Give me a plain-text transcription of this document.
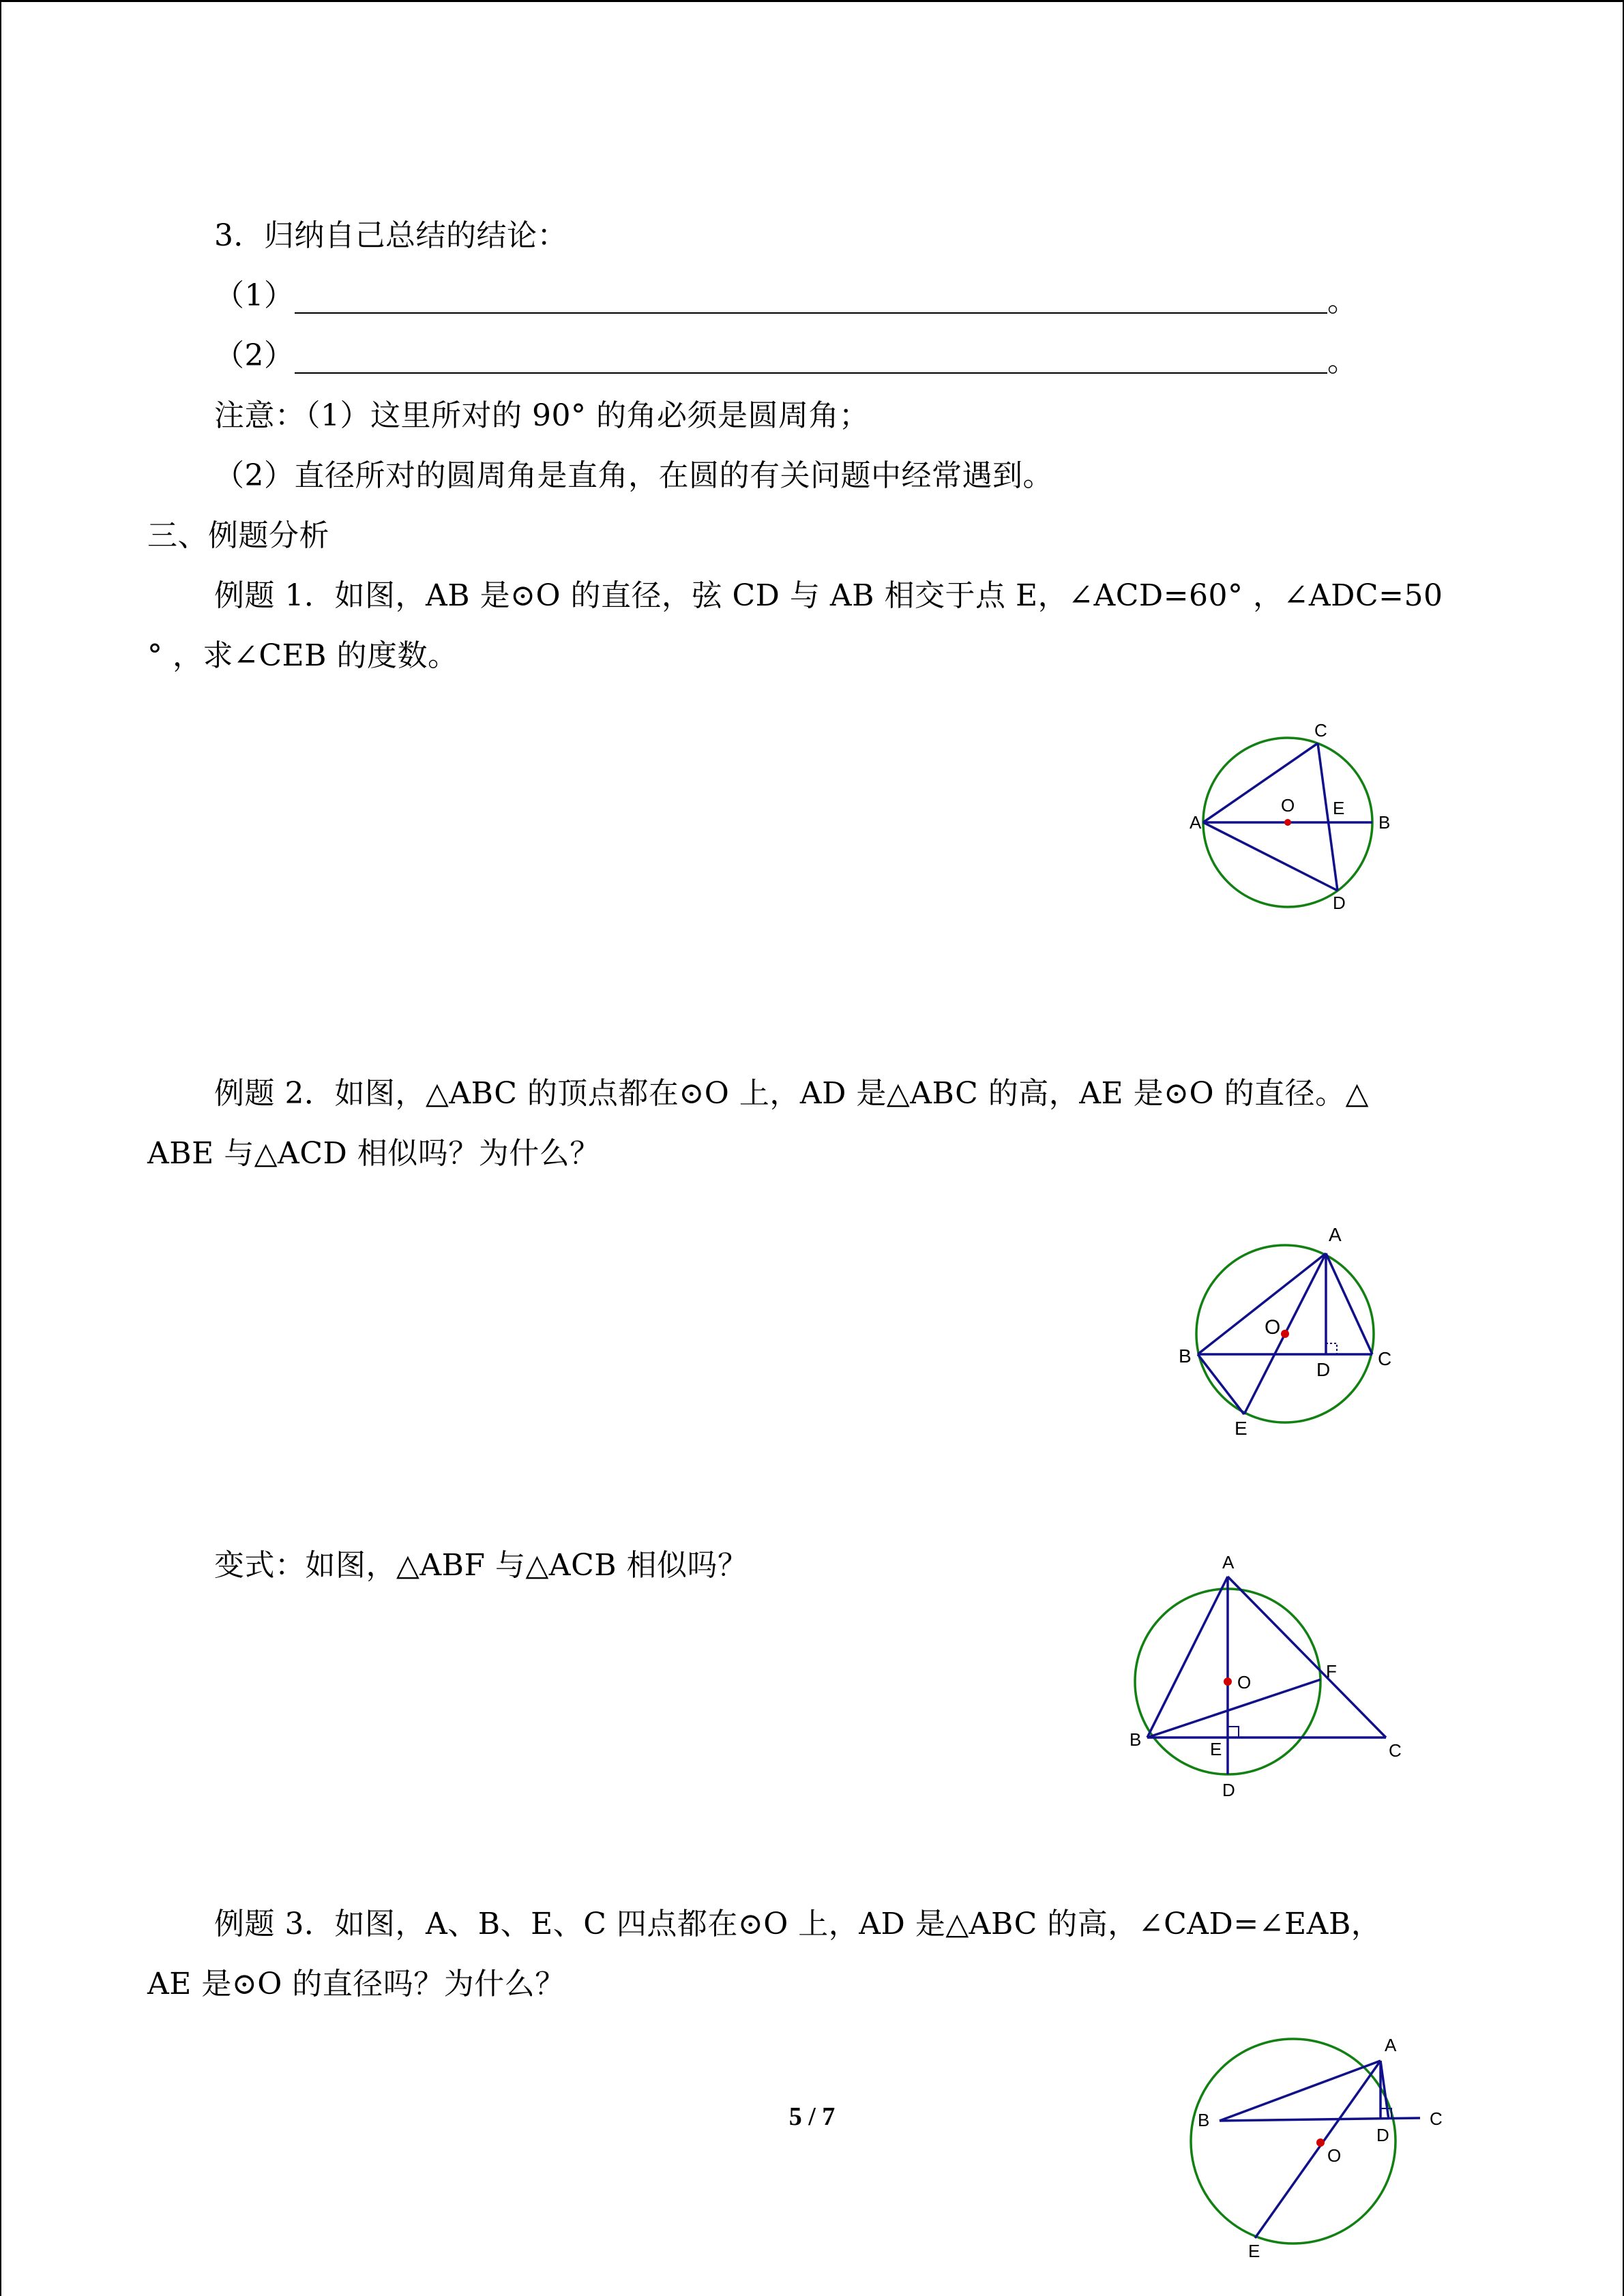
3．归纳自己总结的结论：
（1）	。
（2）	。
注意：（1）这里所对的 90° 的角必须是圆周角；
（2）直径所对的圆周角是直角，在圆的有关问题中经常遇到。
三、例题分析
例题 1．如图，AB 是⊙O 的直径，弦 CD 与 AB 相交于点 E，∠ACD=60° ，∠ADC=50
° ，求∠CEB 的度数。
A	B
C
D
E
O
例题 2．如图，△ABC 的顶点都在⊙O 上，AD 是△ABC 的高，AE 是⊙O 的直径。△
ABE 与△ACD 相似吗？为什么？
A
B	C
D
E
O
变式：如图，△ABF 与△ACB 相似吗？	A
B
C
D
E
F
O
例题 3．如图，A、B、E、C 四点都在⊙O 上，AD 是△ABC 的高，∠CAD=∠EAB，
AE 是⊙O 的直径吗？为什么？
A
B	C
D
E
O
5 / 7
